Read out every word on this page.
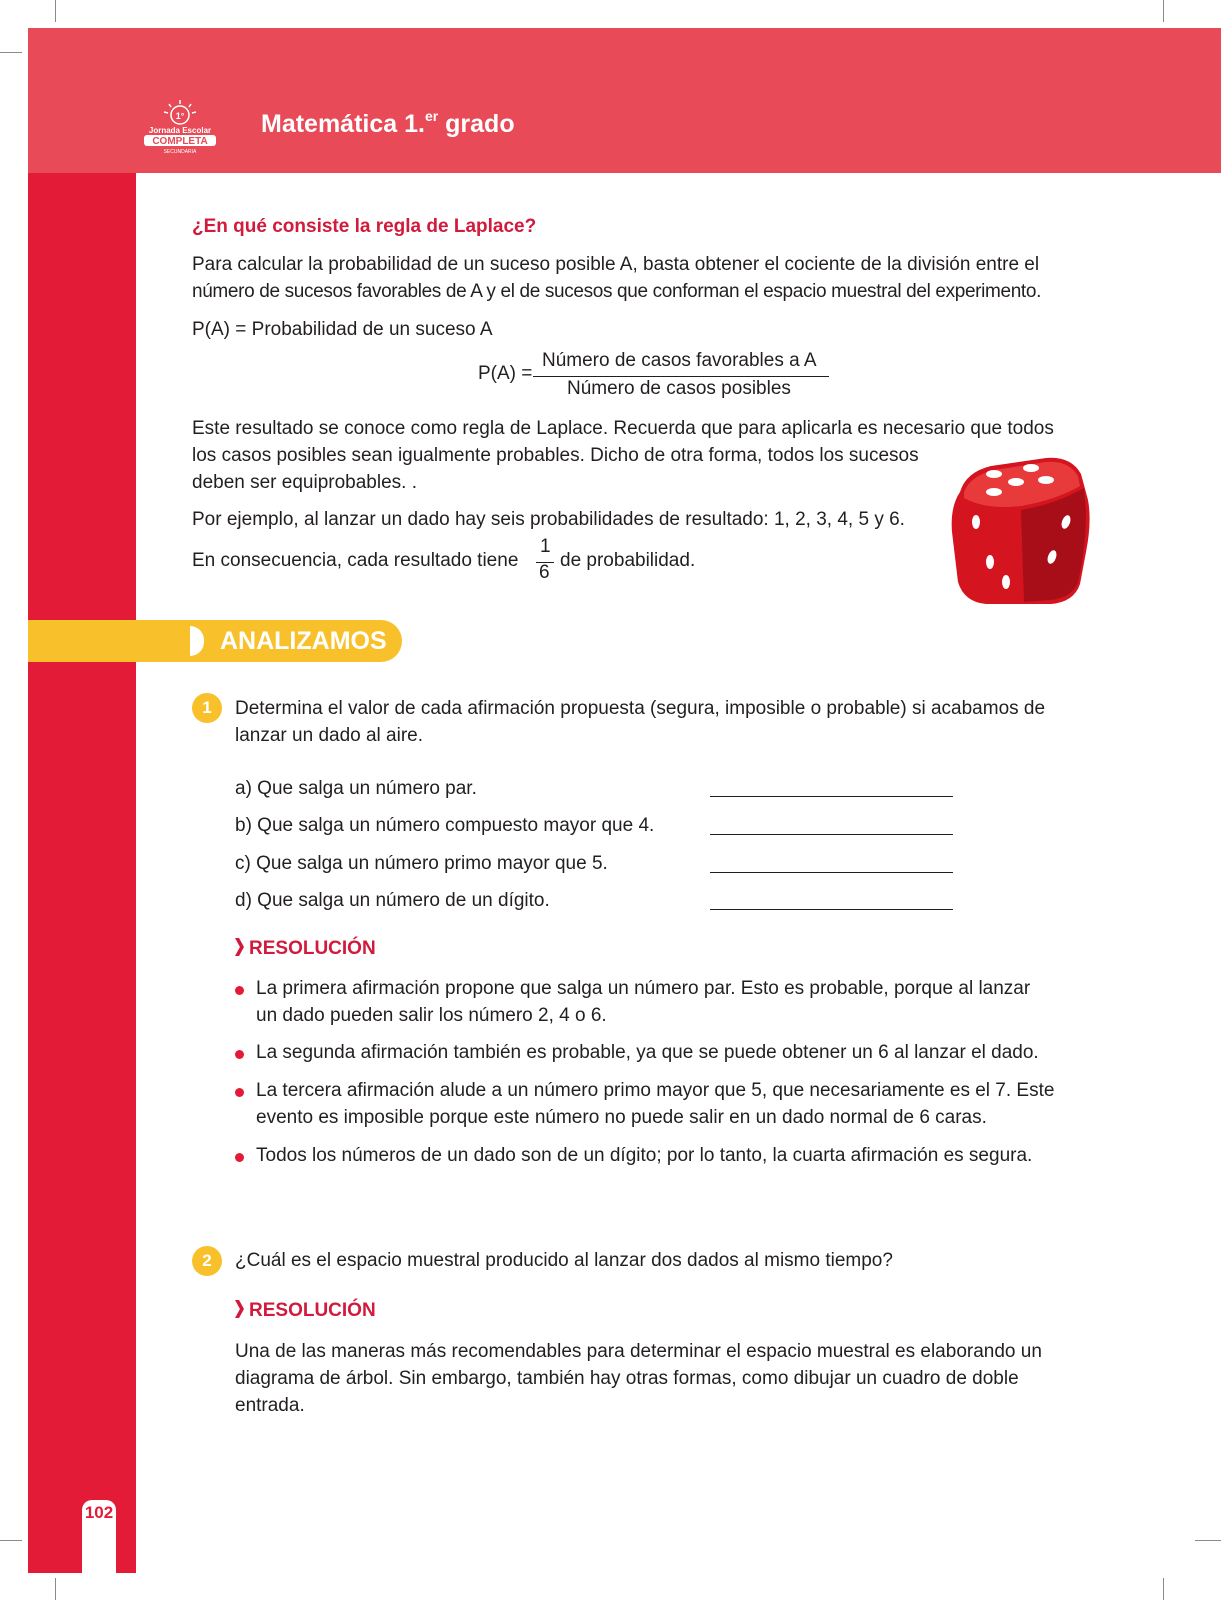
1°
Jornada Escolar
COMPLETA
SECUNDARIA
Matemática 1.$^{er}$ grado
¿En qué consiste la regla de Laplace?
Para calcular la probabilidad de un suceso posible A, basta obtener el cociente de la división entre el
número de sucesos favorables de A y el de sucesos que conforman el espacio muestral del experimento.
P(A) = Probabilidad de un suceso A
P(A) =
Número de casos favorables a A
Número de casos posibles
Este resultado se conoce como regla de Laplace. Recuerda que para aplicarla es necesario que todos
los casos posibles sean igualmente probables. Dicho de otra forma, todos los sucesos
deben ser equiprobables. .
Por ejemplo, al lanzar un dado hay seis probabilidades de resultado: 1, 2, 3, 4, 5 y 6.
En consecuencia, cada resultado tiene
1
6
de probabilidad.
ANALIZAMOS
1	Determina el valor de cada afirmación propuesta (segura, imposible o probable) si acabamos de
lanzar un dado al aire.
a) Que salga un número par.
b) Que salga un número compuesto mayor que 4.
c) Que salga un número primo mayor que 5.
d) Que salga un número de un dígito.
RESOLUCIÓN
La primera afirmación propone que salga un número par. Esto es probable, porque al lanzar
un dado pueden salir los número 2, 4 o 6.
La segunda afirmación también es probable, ya que se puede obtener un 6 al lanzar el dado.
La tercera afirmación alude a un número primo mayor que 5, que necesariamente es el 7. Este
evento es imposible porque este número no puede salir en un dado normal de 6 caras.
Todos los números de un dado son de un dígito; por lo tanto, la cuarta afirmación es segura.
2	¿Cuál es el espacio muestral producido al lanzar dos dados al mismo tiempo?
RESOLUCIÓN
Una de las maneras más recomendables para determinar el espacio muestral es elaborando un
diagrama de árbol. Sin embargo, también hay otras formas, como dibujar un cuadro de doble
entrada.
102
